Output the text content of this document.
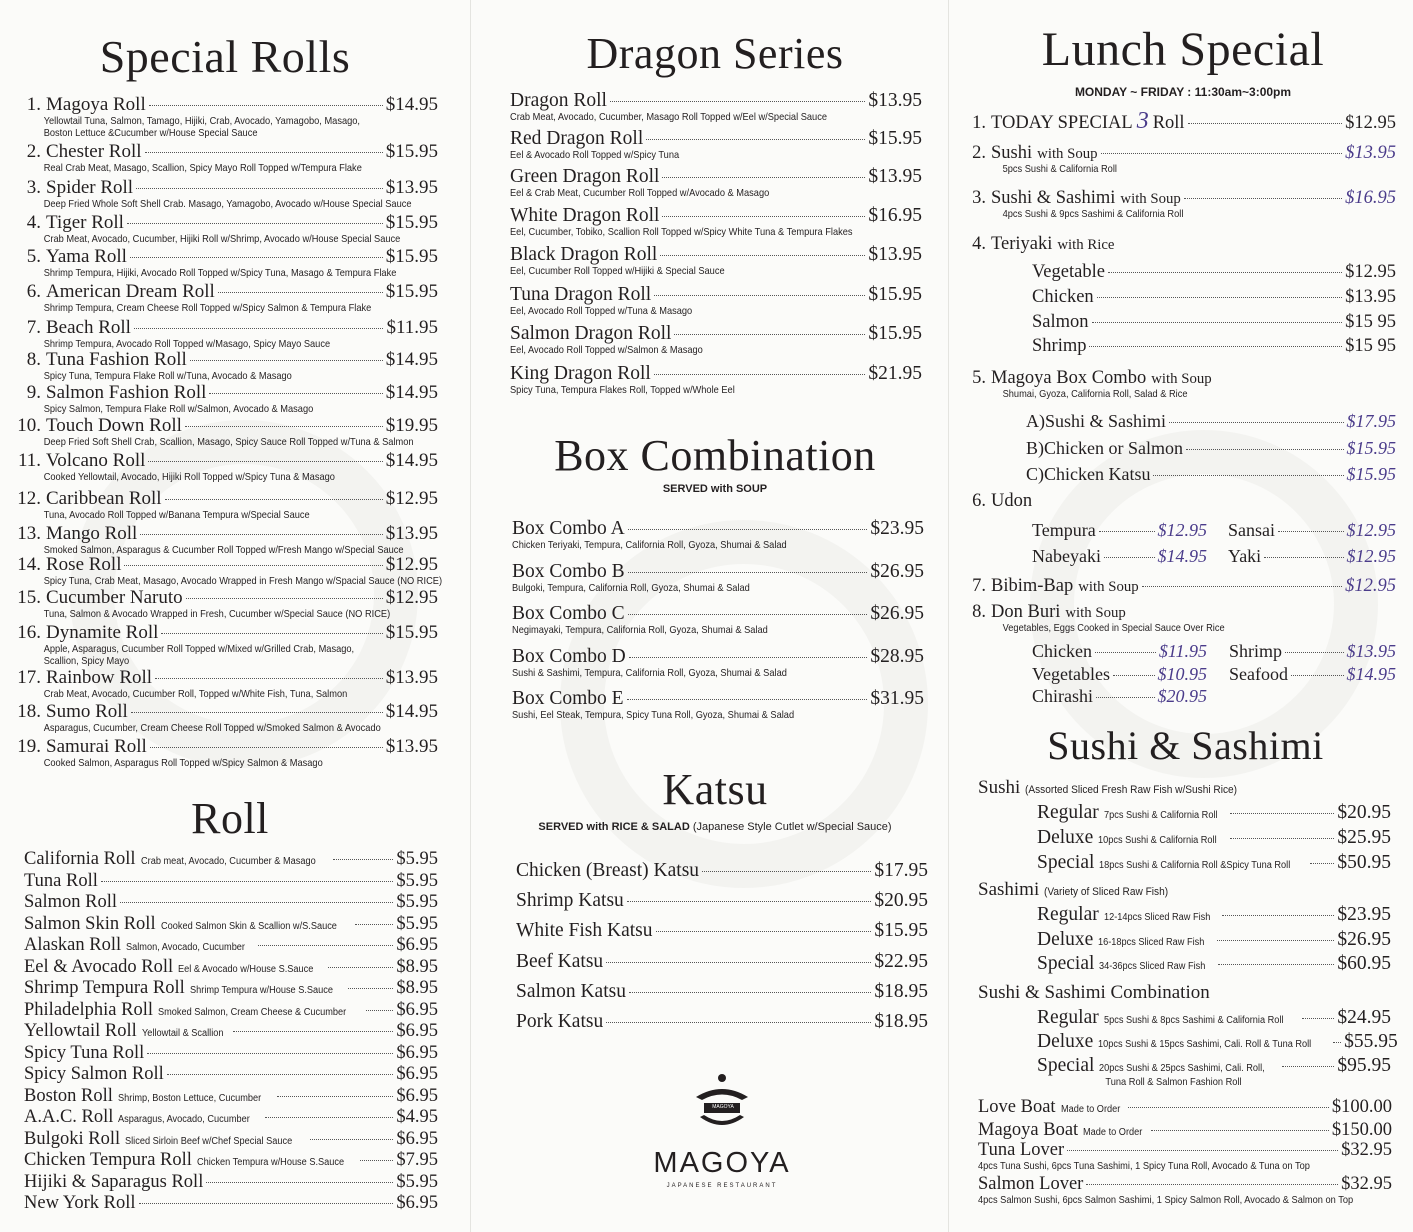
Special Rolls
1. Magoya Roll	$14.95
Yellowtail Tuna, Salmon, Tamago, Hijiki, Crab, Avocado, Yamagobo, Masago,
Boston Lettuce &Cucumber w/House Special Sauce
2. Chester Roll	$15.95
Real Crab Meat, Masago, Scallion, Spicy Mayo Roll Topped w/Tempura Flake
3. Spider Roll	$13.95
Deep Fried Whole Soft Shell Crab. Masago, Yamagobo, Avocado w/House Special Sauce
4. Tiger Roll	$15.95
Crab Meat, Avocado, Cucumber, Hijiki Roll w/Shrimp, Avocado w/House Special Sauce
5. Yama Roll	$15.95
Shrimp Tempura, Hijiki, Avocado Roll Topped w/Spicy Tuna, Masago & Tempura Flake
6. American Dream Roll	$15.95
Shrimp Tempura, Cream Cheese Roll Topped w/Spicy Salmon & Tempura Flake
7. Beach Roll	$11.95
Shrimp Tempura, Avocado Roll Topped w/Masago, Spicy Mayo Sauce
8. Tuna Fashion Roll	$14.95
Spicy Tuna, Tempura Flake Roll w/Tuna, Avocado & Masago
9. Salmon Fashion Roll	$14.95
Spicy Salmon, Tempura Flake Roll w/Salmon, Avocado & Masago
10. Touch Down Roll	$19.95
Deep Fried Soft Shell Crab, Scallion, Masago, Spicy Sauce Roll Topped w/Tuna & Salmon
11. Volcano Roll	$14.95
Cooked Yellowtail, Avocado, Hijiki Roll Topped w/Spicy Tuna & Masago
12. Caribbean Roll	$12.95
Tuna, Avocado Roll Topped w/Banana Tempura w/Special Sauce
13. Mango Roll	$13.95
Smoked Salmon, Asparagus & Cucumber Roll Topped w/Fresh Mango w/Special Sauce
14. Rose Roll	$12.95
Spicy Tuna, Crab Meat, Masago, Avocado Wrapped in Fresh Mango w/Spacial Sauce (NO RICE)
15. Cucumber Naruto	$12.95
Tuna, Salmon & Avocado Wrapped in Fresh, Cucumber w/Special Sauce (NO RICE)
16. Dynamite Roll	$15.95
Apple, Asparagus, Cucumber Roll Topped w/Mixed w/Grilled Crab, Masago,
Scallion, Spicy Mayo
17. Rainbow Roll	$13.95
Crab Meat, Avocado, Cucumber Roll, Topped w/White Fish, Tuna, Salmon
18. Sumo Roll	$14.95
Asparagus, Cucumber, Cream Cheese Roll Topped w/Smoked Salmon & Avocado
19. Samurai Roll	$13.95
Cooked Salmon, Asparagus Roll Topped w/Spicy Salmon & Masago
Roll
California Roll Crab meat, Avocado, Cucumber & Masago	$5.95
Tuna Roll	$5.95
Salmon Roll	$5.95
Salmon Skin Roll Cooked Salmon Skin & Scallion w/S.Sauce	$5.95
Alaskan Roll Salmon, Avocado, Cucumber	$6.95
Eel & Avocado Roll Eel & Avocado w/House S.Sauce	$8.95
Shrimp Tempura Roll Shrimp Tempura w/House S.Sauce	$8.95
Philadelphia Roll Smoked Salmon, Cream Cheese & Cucumber	$6.95
Yellowtail Roll Yellowtail & Scallion	$6.95
Spicy Tuna Roll	$6.95
Spicy Salmon Roll	$6.95
Boston Roll Shrimp, Boston Lettuce, Cucumber	$6.95
A.A.C. Roll Asparagus, Avocado, Cucumber	$4.95
Bulgoki Roll Sliced Sirloin Beef w/Chef Special Sauce	$6.95
Chicken Tempura Roll Chicken Tempura w/House S.Sauce	$7.95
Hijiki & Saparagus Roll	$5.95
New York Roll	$6.95
Dragon Series
Dragon Roll	$13.95
Crab Meat, Avocado, Cucumber, Masago Roll Topped w/Eel w/Special Sauce
Red Dragon Roll	$15.95
Eel & Avocado Roll Topped w/Spicy Tuna
Green Dragon Roll	$13.95
Eel & Crab Meat, Cucumber Roll Topped w/Avocado & Masago
White Dragon Roll	$16.95
Eel, Cucumber, Tobiko, Scallion Roll Topped w/Spicy White Tuna & Tempura Flakes
Black Dragon Roll	$13.95
Eel, Cucumber Roll Topped w/Hijiki & Special Sauce
Tuna Dragon Roll	$15.95
Eel, Avocado Roll Topped w/Tuna & Masago
Salmon Dragon Roll	$15.95
Eel, Avocado Roll Topped w/Salmon & Masago
King Dragon Roll	$21.95
Spicy Tuna, Tempura Flakes Roll, Topped w/Whole Eel
Box Combination
SERVED with SOUP
Box Combo A	$23.95
Chicken Teriyaki, Tempura, California Roll, Gyoza, Shumai & Salad
Box Combo B	$26.95
Bulgoki, Tempura, California Roll, Gyoza, Shumai & Salad
Box Combo C	$26.95
Negimayaki, Tempura, California Roll, Gyoza, Shumai & Salad
Box Combo D	$28.95
Sushi & Sashimi, Tempura, California Roll, Gyoza, Shumai & Salad
Box Combo E	$31.95
Sushi, Eel Steak, Tempura, Spicy Tuna Roll, Gyoza, Shumai & Salad
Katsu
SERVED with RICE & SALAD (Japanese Style Cutlet w/Special Sauce)
Chicken (Breast) Katsu	$17.95
Shrimp Katsu	$20.95
White Fish Katsu	$15.95
Beef Katsu	$22.95
Salmon Katsu	$18.95
Pork Katsu	$18.95
MAGOYA
MAGOYA
JAPANESE RESTAURANT
Lunch Special
MONDAY ~ FRIDAY : 11:30am~3:00pm
1. TODAY SPECIAL 3 Roll	$12.95
2. Sushi with Soup	$13.95
5pcs Sushi & California Roll
3. Sushi & Sashimi with Soup	$16.95
4pcs Sushi & 9pcs Sashimi & California Roll
4. Teriyaki with Rice
Vegetable	$12.95
Chicken	$13.95
Salmon	$15 95
Shrimp	$15 95
5. Magoya Box Combo with Soup
Shumai, Gyoza, California Roll, Salad & Rice
A)Sushi & Sashimi	$17.95
B)Chicken or Salmon	$15.95
C)Chicken Katsu	$15.95
6. Udon
Tempura	$12.95 Sansai	$12.95
Nabeyaki	$14.95 Yaki	$12.95
7. Bibim-Bap with Soup	$12.95
8. Don Buri with Soup
Vegetables, Eggs Cooked in Special Sauce Over Rice
Chicken	$11.95 Shrimp	$13.95
Vegetables	$10.95 Seafood	$14.95
Chirashi	$20.95
Sushi & Sashimi
Sushi (Assorted Sliced Fresh Raw Fish w/Sushi Rice)
Regular 7pcs Sushi & California Roll	$20.95
Deluxe 10pcs Sushi & California Roll	$25.95
Special 18pcs Sushi & California Roll &Spicy Tuna Roll $50.95
Sashimi (Variety of Sliced Raw Fish)
Regular 12-14pcs Sliced Raw Fish	$23.95
Deluxe 16-18pcs Sliced Raw Fish	$26.95
Special 34-36pcs Sliced Raw Fish	$60.95
Sushi & Sashimi Combination
Regular 5pcs Sushi & 8pcs Sashimi & California Roll	$24.95
Deluxe 10pcs Sushi & 15pcs Sashimi, Cali. Roll & Tuna Roll $55.95
Special 20pcs Sushi & 25pcs Sashimi, Cali. Roll,	$95.95
Tuna Roll & Salmon Fashion Roll
Love Boat Made to Order	$100.00
Magoya Boat Made to Order	$150.00
Tuna Lover	$32.95
4pcs Tuna Sushi, 6pcs Tuna Sashimi, 1 Spicy Tuna Roll, Avocado & Tuna on Top
Salmon Lover	$32.95
4pcs Salmon Sushi, 6pcs Salmon Sashimi, 1 Spicy Salmon Roll, Avocado & Salmon on Top
